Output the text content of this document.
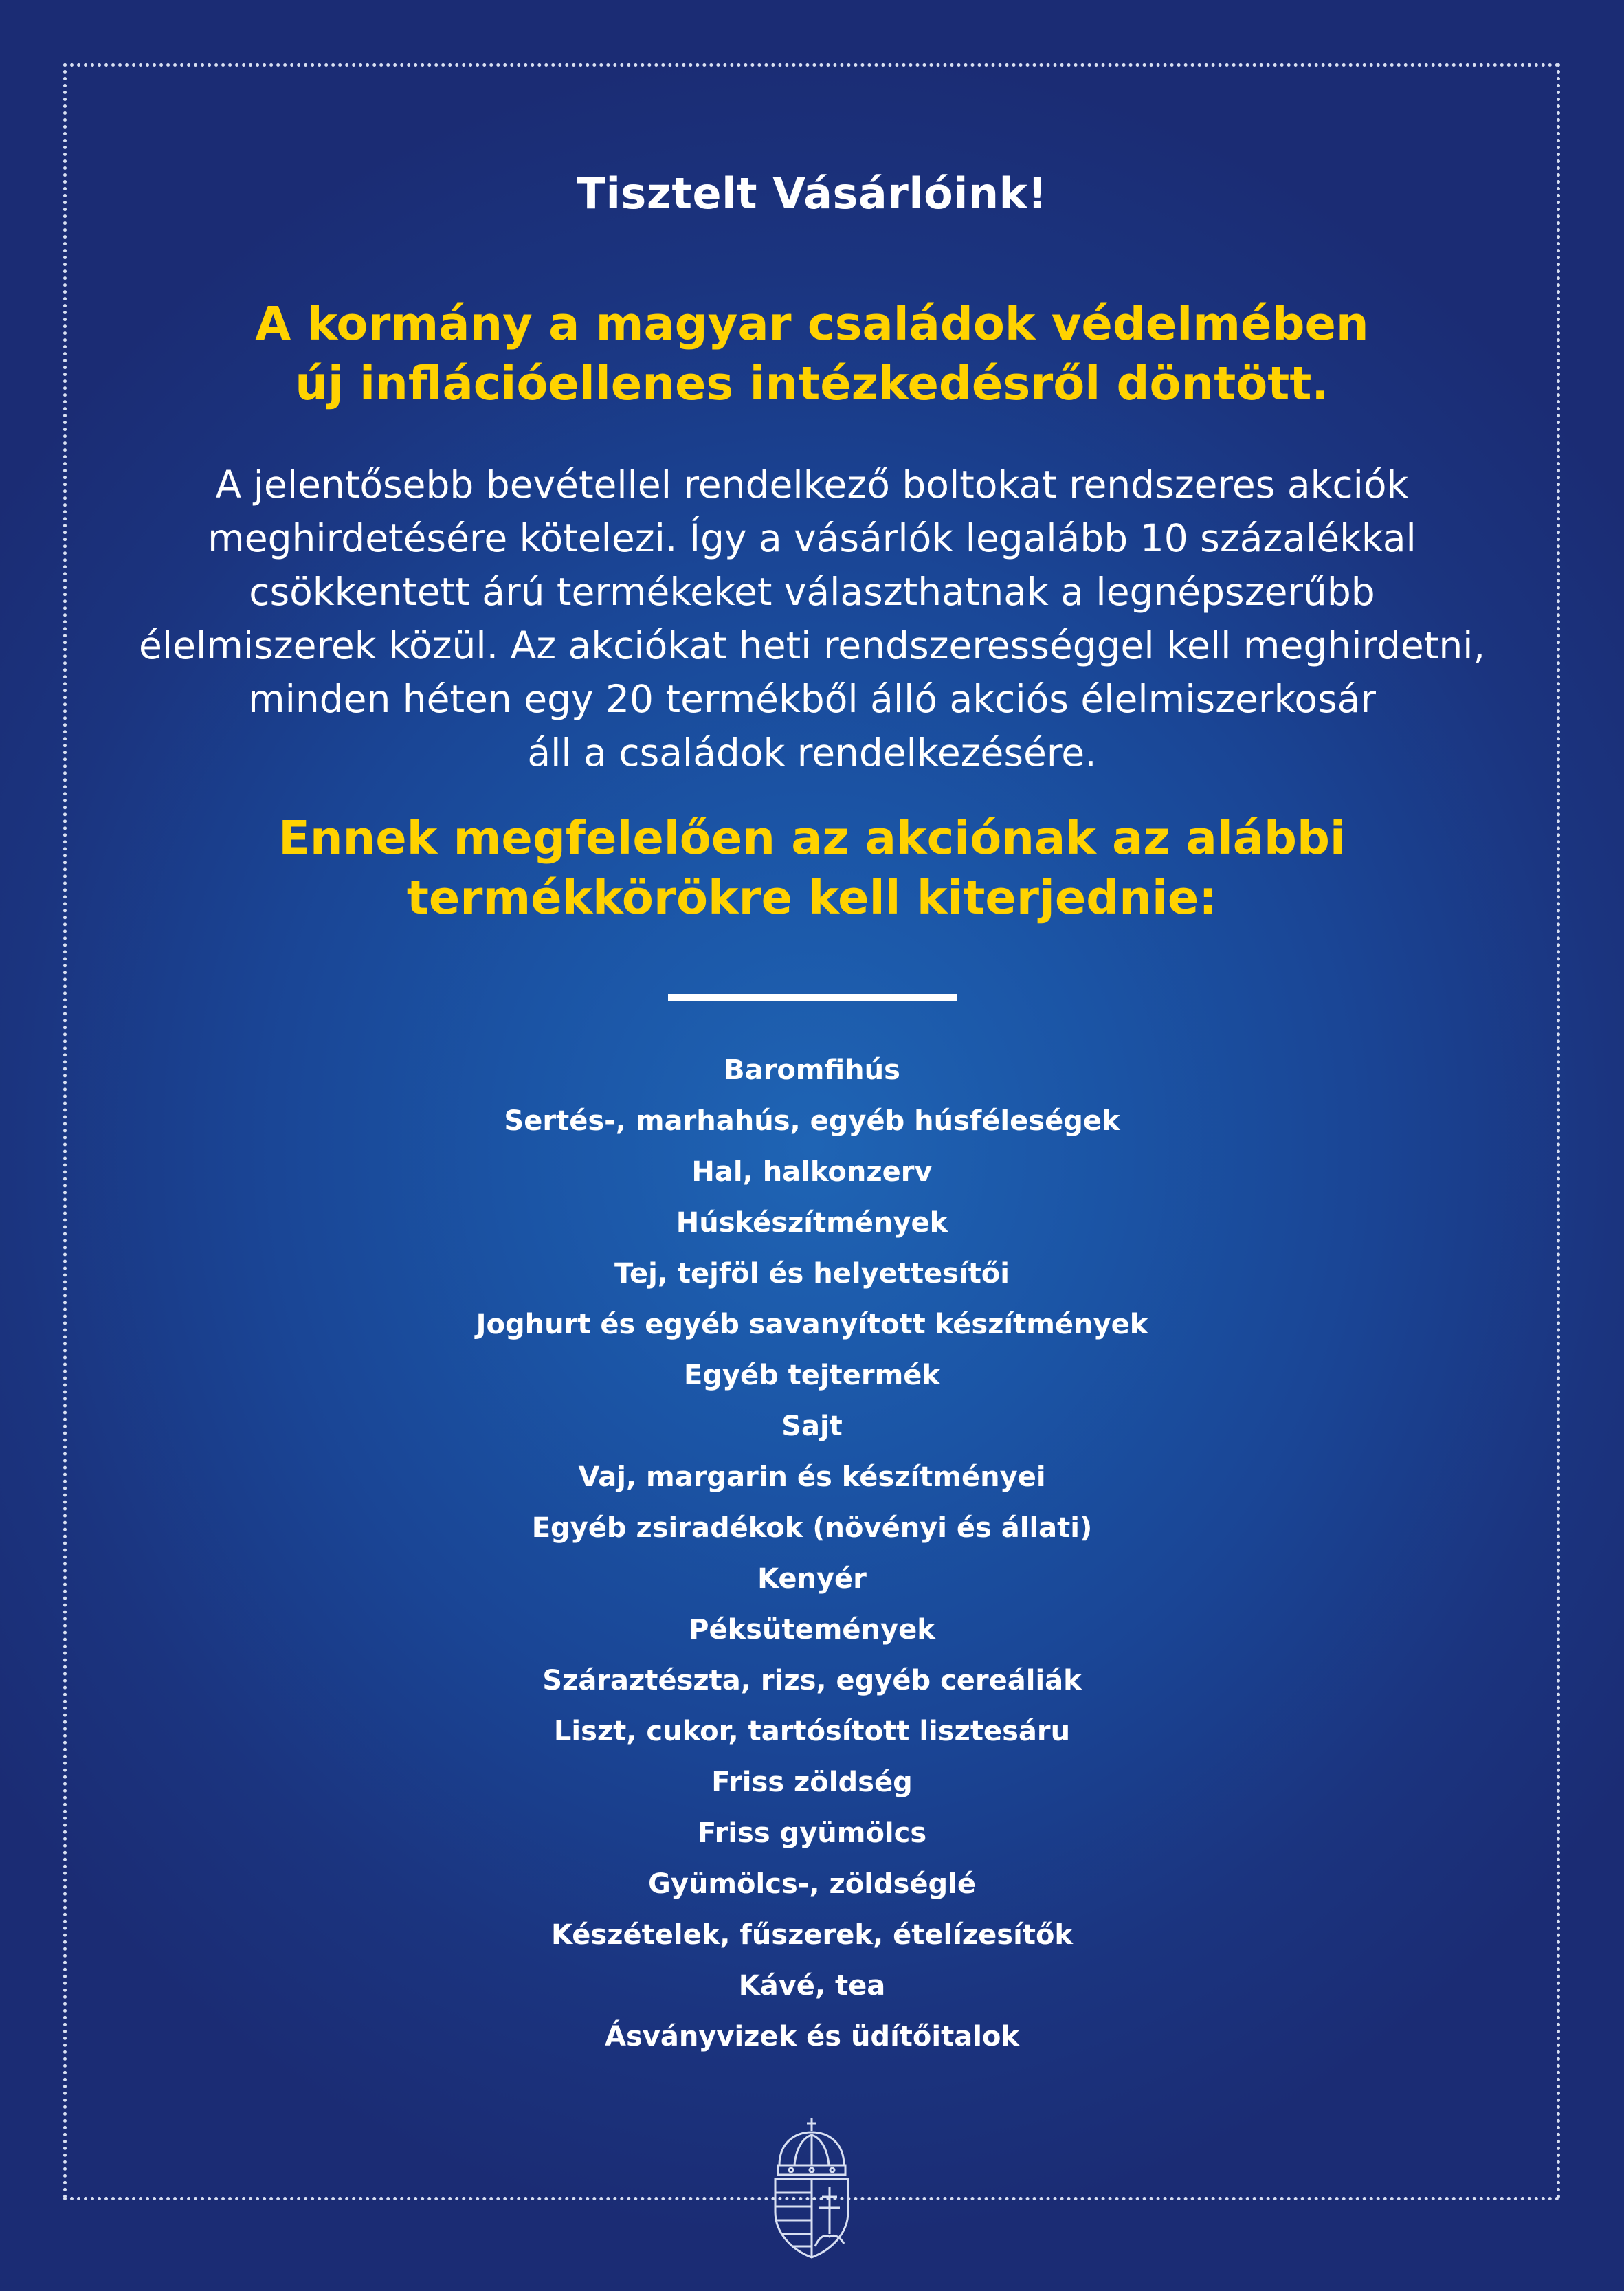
Tisztelt Vásárlóink!
A kormány a magyar családok védelmében
új inflációellenes intézkedésről döntött.
A jelentősebb bevétellel rendelkező boltokat rendszeres akciók
meghirdetésére kötelezi. Így a vásárlók legalább 10 százalékkal
csökkentett árú termékeket választhatnak a legnépszerűbb
élelmiszerek közül. Az akciókat heti rendszerességgel kell meghirdetni,
minden héten egy 20 termékből álló akciós élelmiszerkosár
áll a családok rendelkezésére.
Ennek megfelelően az akciónak az alábbi
termékkörökre kell kiterjednie:
Baromfihús
Sertés-, marhahús, egyéb húsféleségek
Hal, halkonzerv
Húskészítmények
Tej, tejföl és helyettesítői
Joghurt és egyéb savanyított készítmények
Egyéb tejtermék
Sajt
Vaj, margarin és készítményei
Egyéb zsiradékok (növényi és állati)
Kenyér
Péksütemények
Száraztészta, rizs, egyéb cereáliák
Liszt, cukor, tartósított lisztesáru
Friss zöldség
Friss gyümölcs
Gyümölcs-, zöldséglé
Készételek, fűszerek, ételízesítők
Kávé, tea
Ásványvizek és üdítőitalok
